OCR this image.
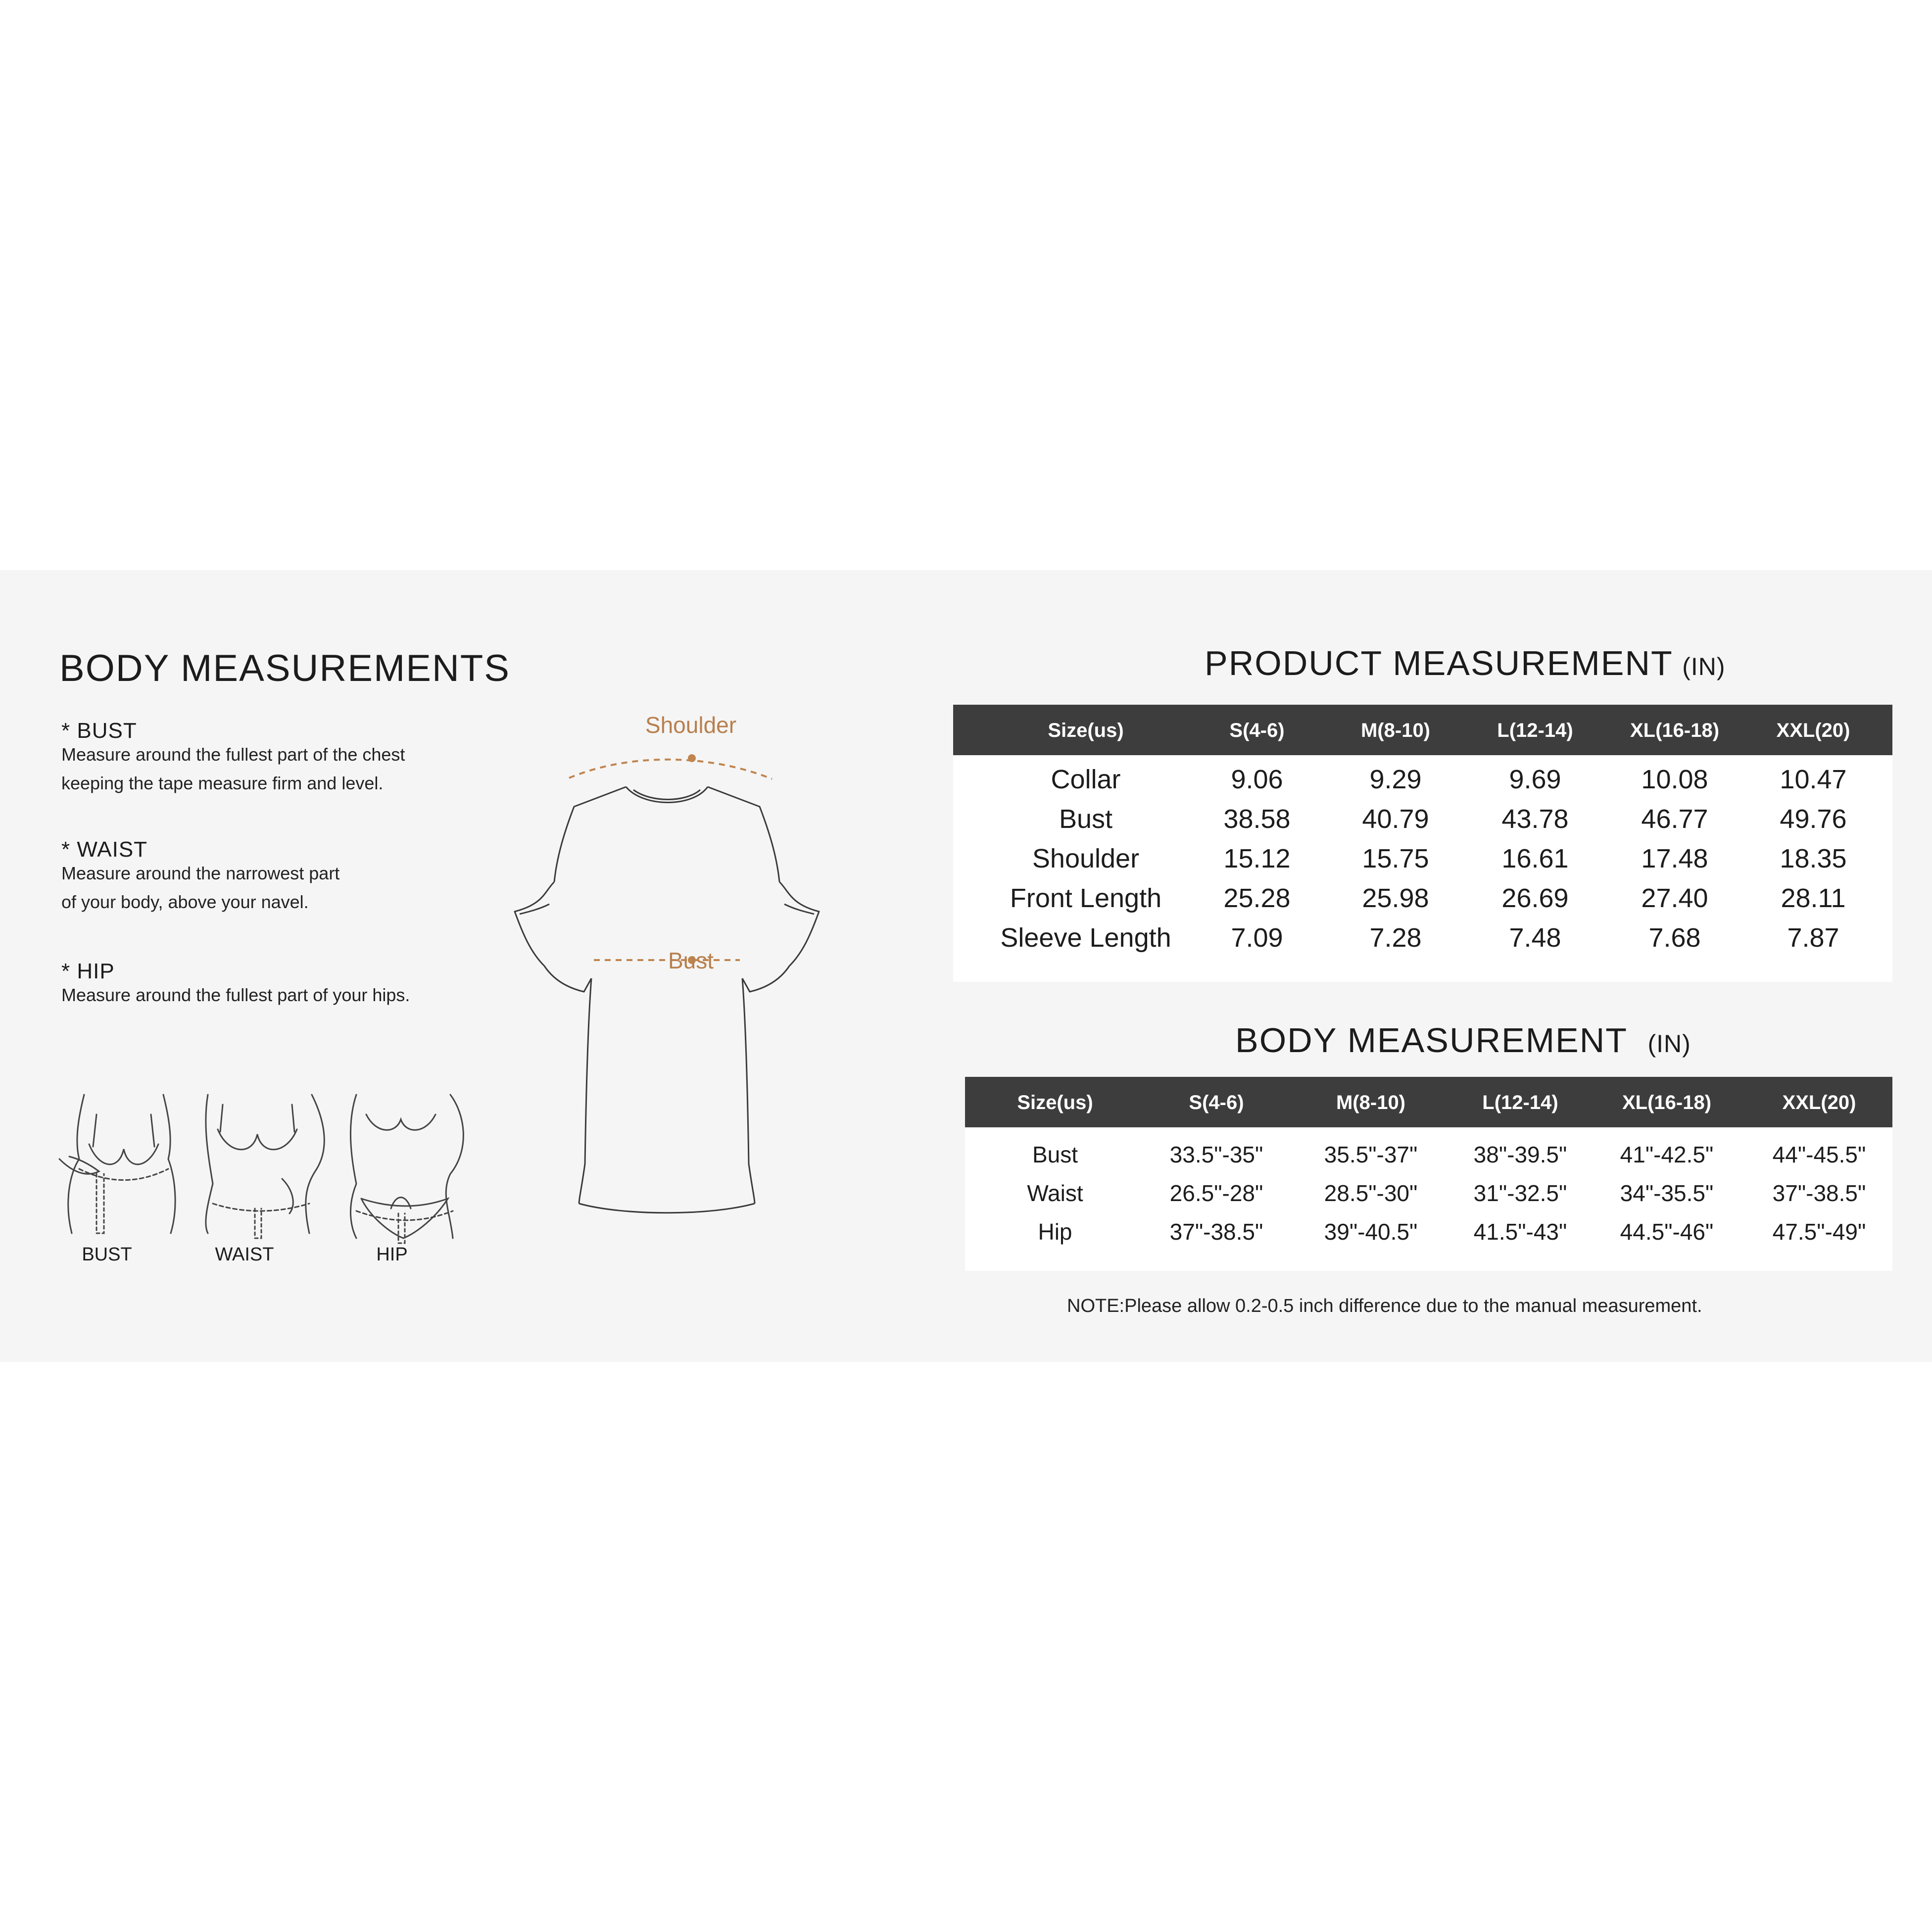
BODY MEASUREMENTS
* BUST
Measure around the fullest part of the chest
keeping the tape measure firm and level.
* WAIST
Measure around the narrowest part
of your body, above your navel.
* HIP
Measure around the fullest part of your hips.
BUST	WAIST	HIP
Shoulder
Bust
PRODUCT MEASUREMENT (IN)
Size(us)	S(4-6)	M(8-10)	L(12-14)	XL(16-18)	XXL(20)
Collar	9.06	9.29	9.69	10.08	10.47
Bust	38.58	40.79	43.78	46.77	49.76
Shoulder	15.12	15.75	16.61	17.48	18.35
Front Length 25.28	25.98	26.69	27.40	28.11
Sleeve Length 7.09	7.28	7.48	7.68	7.87
BODY MEASUREMENT (IN)
Size(us)	S(4-6)	M(8-10)	L(12-14)	XL(16-18)	XXL(20)
Bust	33.5"-35"	35.5"-37" 38"-39.5" 41"-42.5"	44"-45.5"
Waist	26.5"-28"	28.5"-30" 31"-32.5" 34"-35.5"	37"-38.5"
Hip	37"-38.5"	39"-40.5" 41.5"-43" 44.5"-46"	47.5"-49"
NOTE:Please allow 0.2-0.5 inch difference due to the manual measurement.
